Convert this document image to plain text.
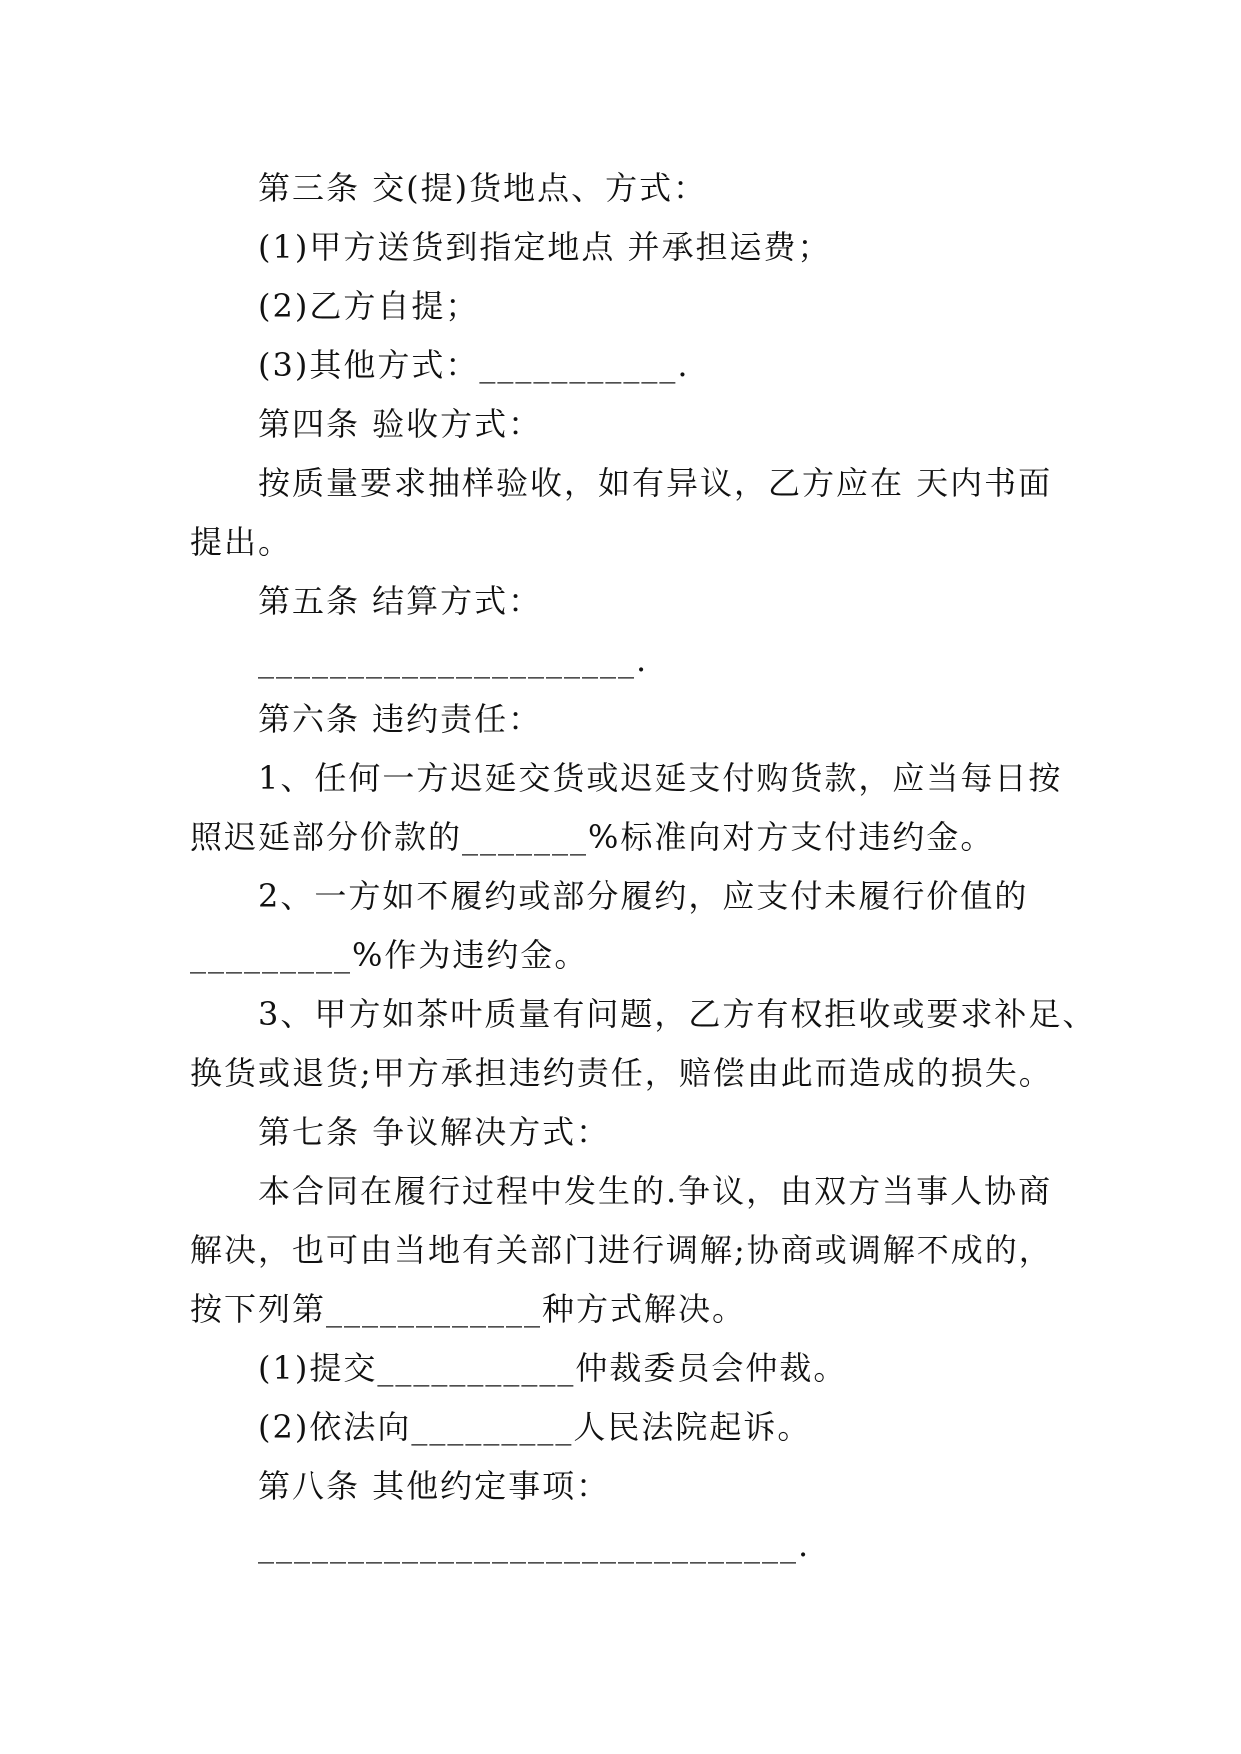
第三条 交(提)货地点、方式：
(1)甲方送货到指定地点 并承担运费；
(2)乙方自提；
(3)其他方式：___________.
第四条 验收方式：
按质量要求抽样验收，如有异议，乙方应在 天内书面
提出。
第五条 结算方式：
_____________________.
第六条 违约责任：
1、任何一方迟延交货或迟延支付购货款，应当每日按
照迟延部分价款的_______%标准向对方支付违约金。
2、一方如不履约或部分履约，应支付未履行价值的
_________%作为违约金。
3、甲方如茶叶质量有问题，乙方有权拒收或要求补足、
换货或退货;甲方承担违约责任，赔偿由此而造成的损失。
第七条 争议解决方式：
本合同在履行过程中发生的.争议，由双方当事人协商
解决，也可由当地有关部门进行调解;协商或调解不成的，
按下列第____________种方式解决。
(1)提交___________仲裁委员会仲裁。
(2)依法向_________人民法院起诉。
第八条 其他约定事项：
______________________________.
